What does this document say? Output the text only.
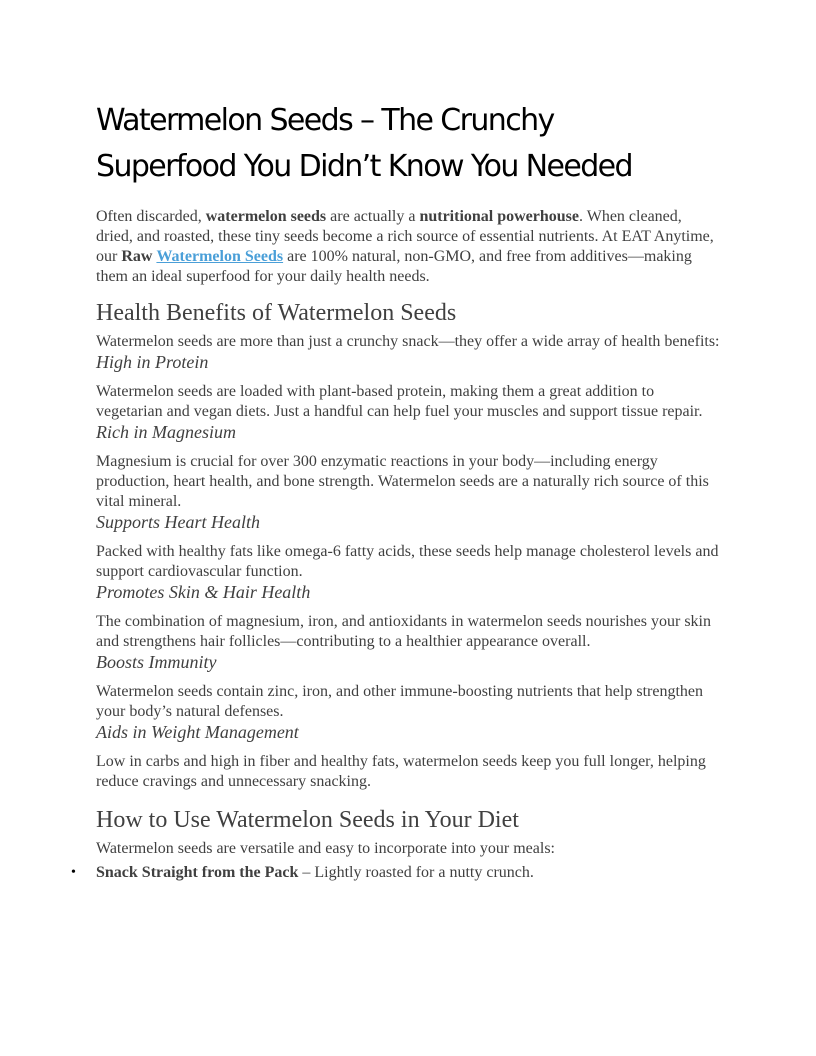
Watermelon Seeds – The Crunchy
Superfood You Didn’t Know You Needed

Often discarded, watermelon seeds are actually a nutritional powerhouse. When cleaned, dried, and roasted, these tiny seeds become a rich source of essential nutrients. At EAT Anytime, our Raw Watermelon Seeds are 100% natural, non-GMO, and free from additives—making them an ideal superfood for your daily health needs.

Health Benefits of Watermelon Seeds

Watermelon seeds are more than just a crunchy snack—they offer a wide array of health benefits:

High in Protein

Watermelon seeds are loaded with plant-based protein, making them a great addition to vegetarian and vegan diets. Just a handful can help fuel your muscles and support tissue repair.

Rich in Magnesium

Magnesium is crucial for over 300 enzymatic reactions in your body—including energy production, heart health, and bone strength. Watermelon seeds are a naturally rich source of this vital mineral.

Supports Heart Health

Packed with healthy fats like omega-6 fatty acids, these seeds help manage cholesterol levels and support cardiovascular function.

Promotes Skin & Hair Health

The combination of magnesium, iron, and antioxidants in watermelon seeds nourishes your skin and strengthens hair follicles—contributing to a healthier appearance overall.

Boosts Immunity

Watermelon seeds contain zinc, iron, and other immune-boosting nutrients that help strengthen your body’s natural defenses.

Aids in Weight Management

Low in carbs and high in fiber and healthy fats, watermelon seeds keep you full longer, helping reduce cravings and unnecessary snacking.

How to Use Watermelon Seeds in Your Diet

Watermelon seeds are versatile and easy to incorporate into your meals:

• Snack Straight from the Pack – Lightly roasted for a nutty crunch.
